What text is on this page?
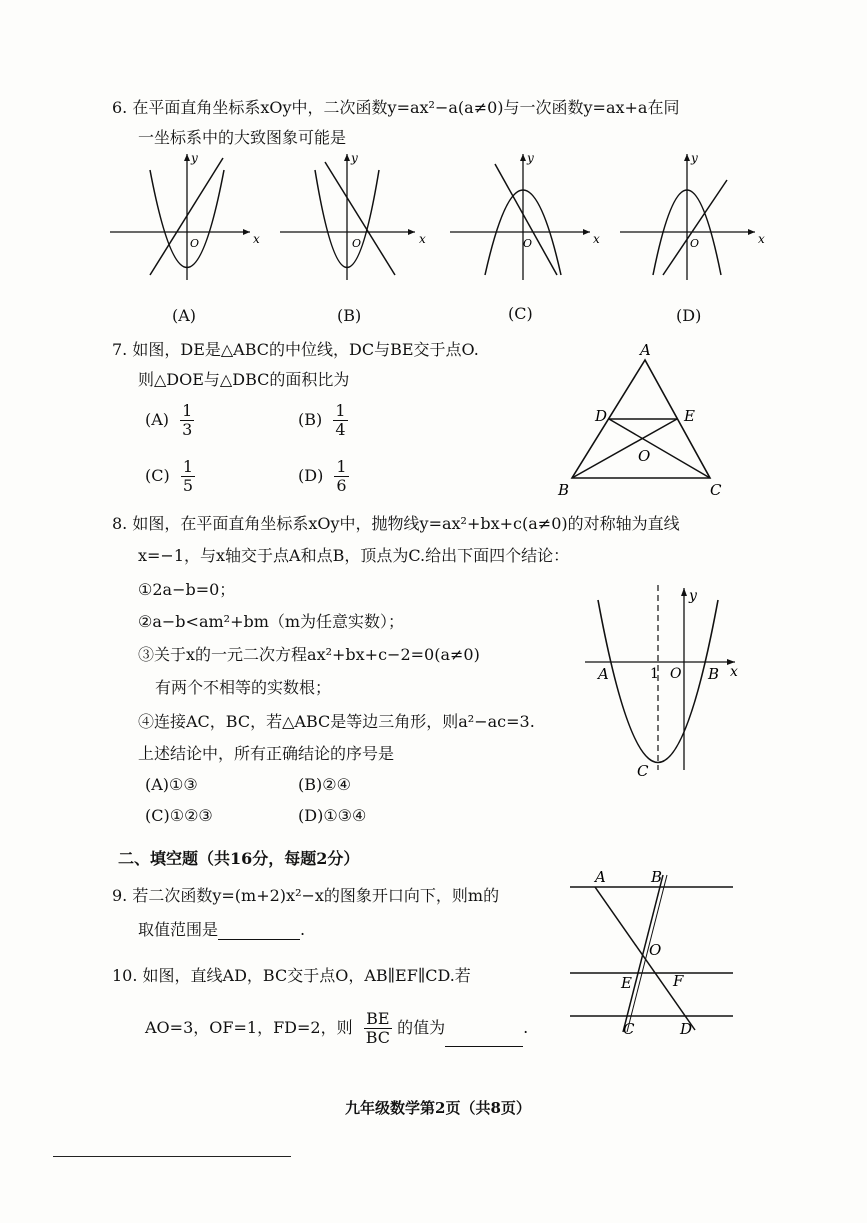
6. 在平面直角坐标系xOy中，二次函数y=ax²−a(a≠0)与一次函数y=ax+a在同
一坐标系中的大致图象可能是
x
y
O	x
y
O	x
y
O	x
y
O
(A)	(B)	(C)	(D)
7. 如图，DE是△ABC的中位线，DC与BE交于点O.
则△DOE与△DBC的面积比为
$(A) \frac{1}{3}$	$(B) \frac{1}{4}$
$(C) \frac{1}{5}$	$(D) \frac{1}{6}$
A
B	C
D	E
O
8. 如图，在平面直角坐标系xOy中，抛物线y=ax²+bx+c(a≠0)的对称轴为直线
x=−1，与x轴交于点A和点B，顶点为C.给出下面四个结论：
①2a−b=0；
②a−b<am²+bm（m为任意实数）；
③关于x的一元二次方程ax²+bx+c−2=0(a≠0)
有两个不相等的实数根；
④连接AC，BC，若△ABC是等边三角形，则a²−ac=3.
上述结论中，所有正确结论的序号是
(A)①③	(B)②④
(C)①②③	(D)①③④
A	B
C
O
1	x
y
二、填空题（共16分，每题2分）
9. 若二次函数y=(m+2)x²−x的图象开口向下，则m的
取值范围是	.
10. 如图，直线AD，BC交于点O，AB∥EF∥CD.若
AO=3，OF=1，FD=2，则 $\frac{BE}{BC}$ 的值为	.
A	B
C	D
E	F
O
九年级数学第2页（共8页）
